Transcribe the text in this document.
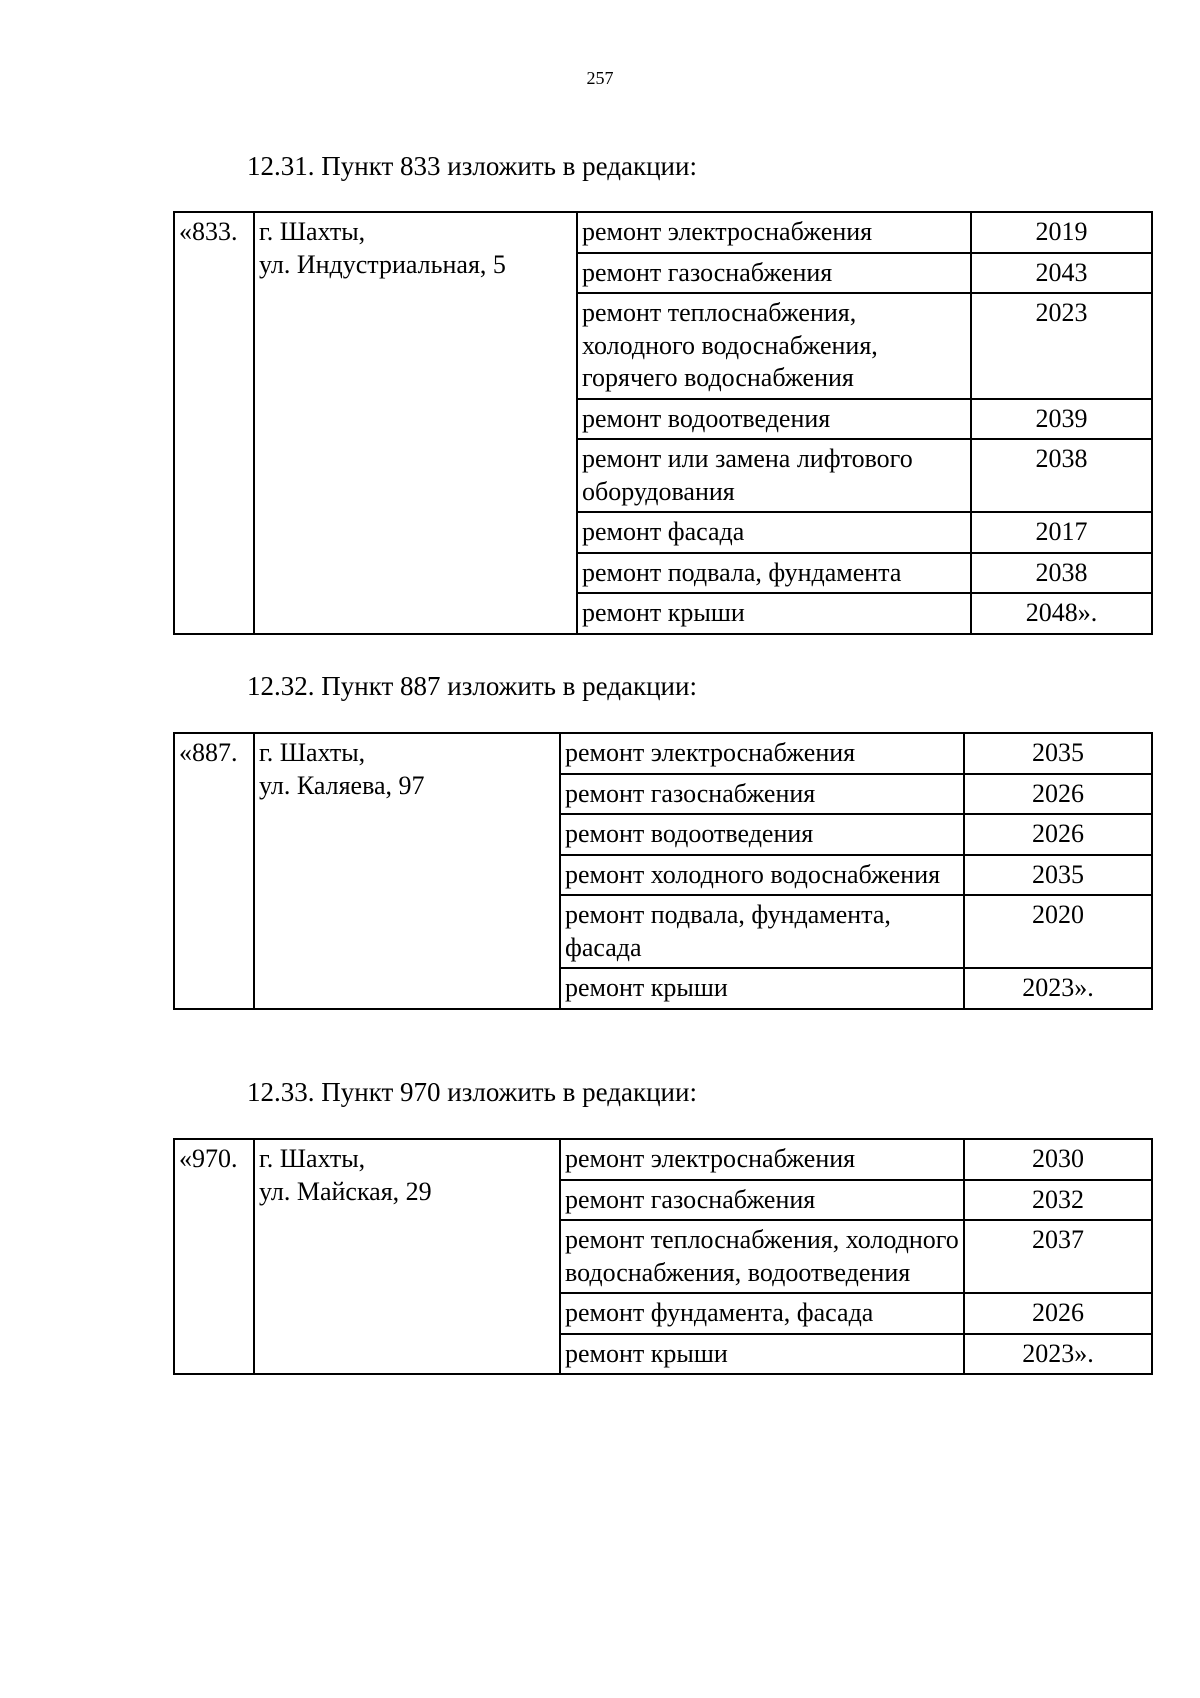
257
12.31. Пункт 833 изложить в редакции:
«833.	г. Шахты,
ул. Индустриальная, 5	ремонт электроснабжения	2019
		ремонт газоснабжения	2043
		ремонт теплоснабжения, холодного водоснабжения, горячего водоснабжения	2023
		ремонт водоотведения	2039
		ремонт или замена лифтового оборудования	2038
		ремонт фасада	2017
		ремонт подвала, фундамента	2038
		ремонт крыши	2048».
12.32. Пункт 887 изложить в редакции:
«887.	г. Шахты,
ул. Каляева, 97	ремонт электроснабжения	2035
		ремонт газоснабжения	2026
		ремонт водоотведения	2026
		ремонт холодного водоснабжения	2035
		ремонт подвала, фундамента, фасада	2020
		ремонт крыши	2023».
12.33. Пункт 970 изложить в редакции:
«970.	г. Шахты,
ул. Майская, 29	ремонт электроснабжения	2030
		ремонт газоснабжения	2032
		ремонт теплоснабжения, холодного водоснабжения, водоотведения	2037
		ремонт фундамента, фасада	2026
		ремонт крыши	2023».
